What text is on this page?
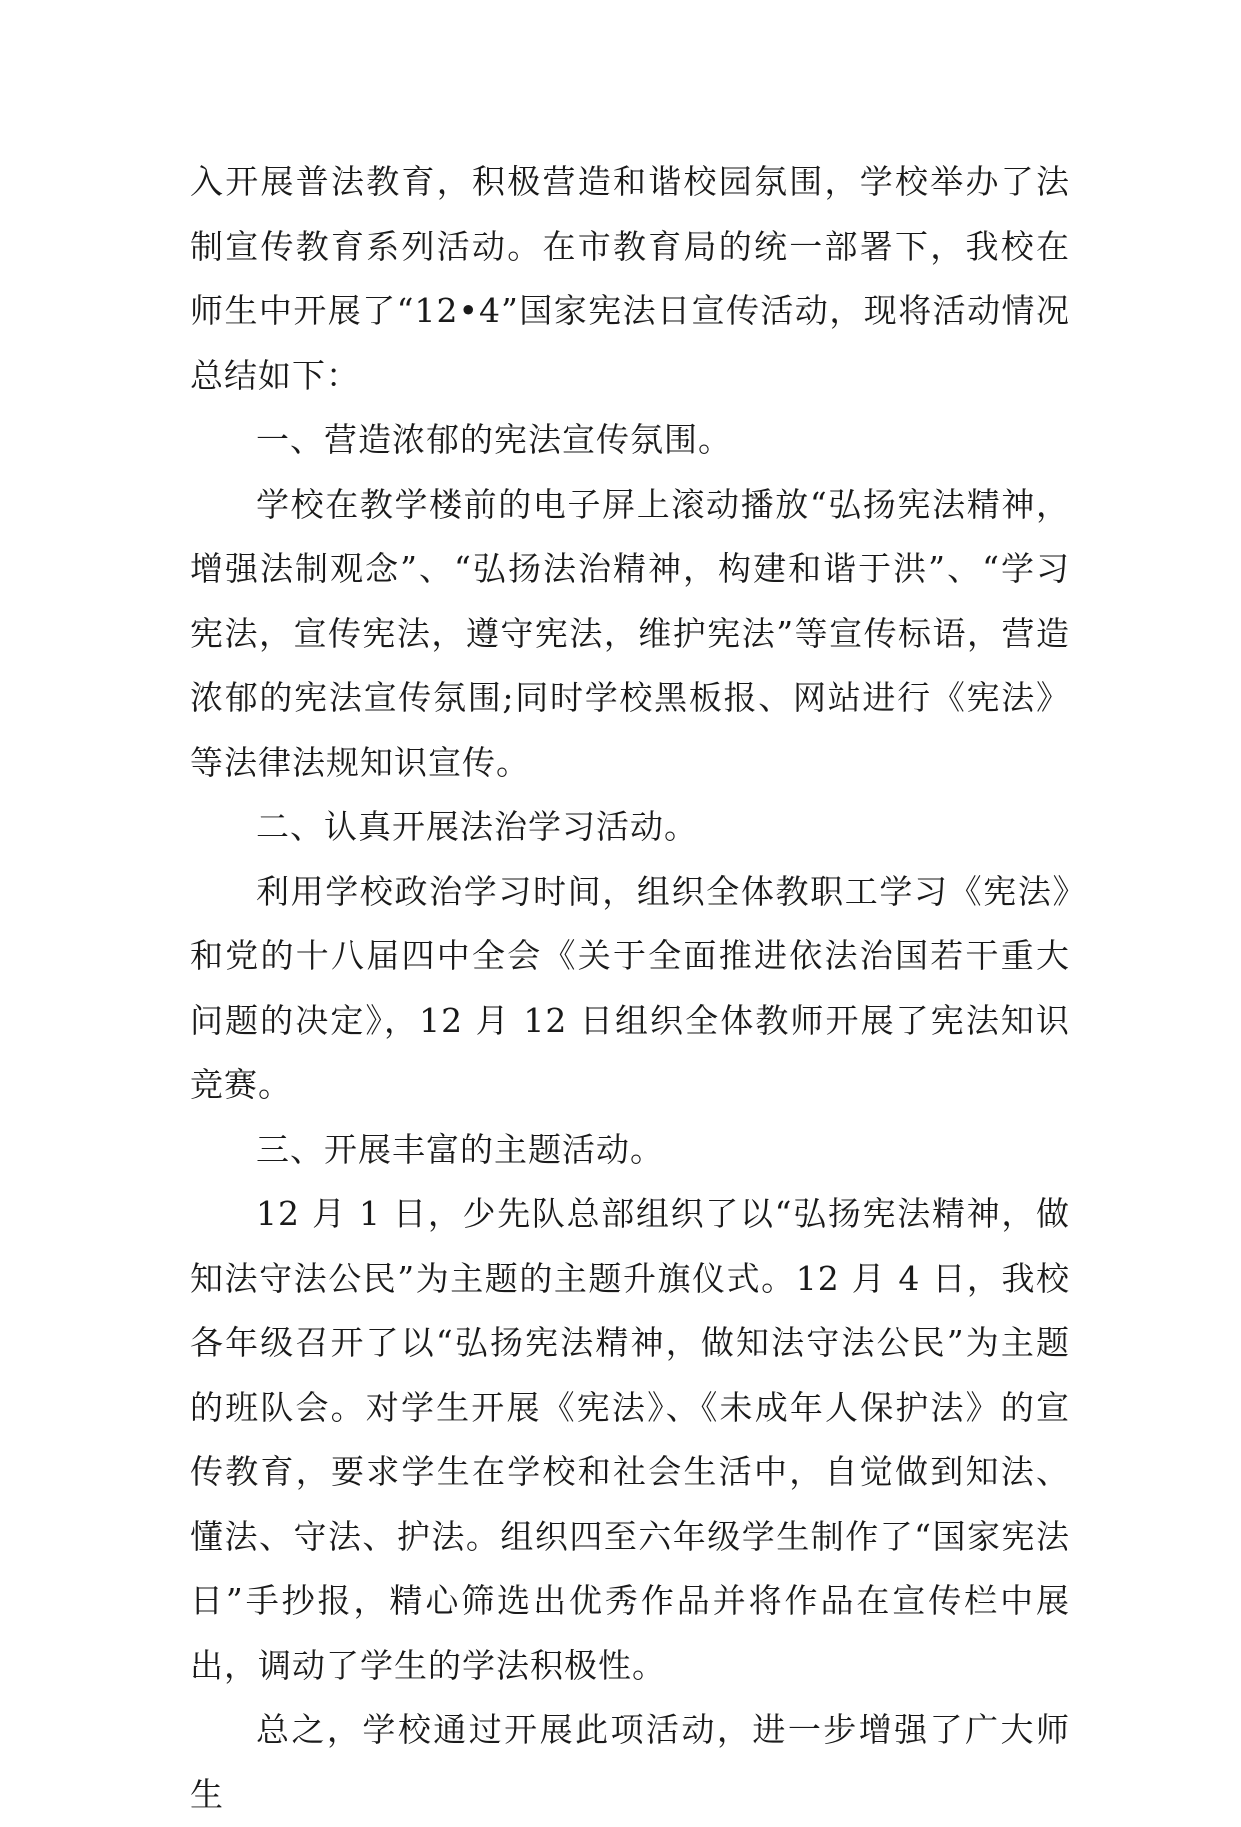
入开展普法教育，积极营造和谐校园氛围，学校举办了法制宣传教育系列活动。在市教育局的统一部署下，我校在师生中开展了“12•4”国家宪法日宣传活动，现将活动情况总结如下：

一、营造浓郁的宪法宣传氛围。

学校在教学楼前的电子屏上滚动播放“弘扬宪法精神，增强法制观念”、“弘扬法治精神，构建和谐于洪”、“学习宪法，宣传宪法，遵守宪法，维护宪法”等宣传标语，营造浓郁的宪法宣传氛围;同时学校黑板报、网站进行《宪法》等法律法规知识宣传。

二、认真开展法治学习活动。

利用学校政治学习时间，组织全体教职工学习《宪法》和党的十八届四中全会《关于全面推进依法治国若干重大问题的决定》，12 月 12 日组织全体教师开展了宪法知识竞赛。

三、开展丰富的主题活动。

12 月 1 日，少先队总部组织了以“弘扬宪法精神，做知法守法公民”为主题的主题升旗仪式。12 月 4 日，我校各年级召开了以“弘扬宪法精神，做知法守法公民”为主题的班队会。对学生开展《宪法》、《未成年人保护法》的宣传教育，要求学生在学校和社会生活中，自觉做到知法、懂法、守法、护法。组织四至六年级学生制作了“国家宪法日”手抄报，精心筛选出优秀作品并将作品在宣传栏中展出，调动了学生的学法积极性。

总之，学校通过开展此项活动，进一步增强了广大师生
